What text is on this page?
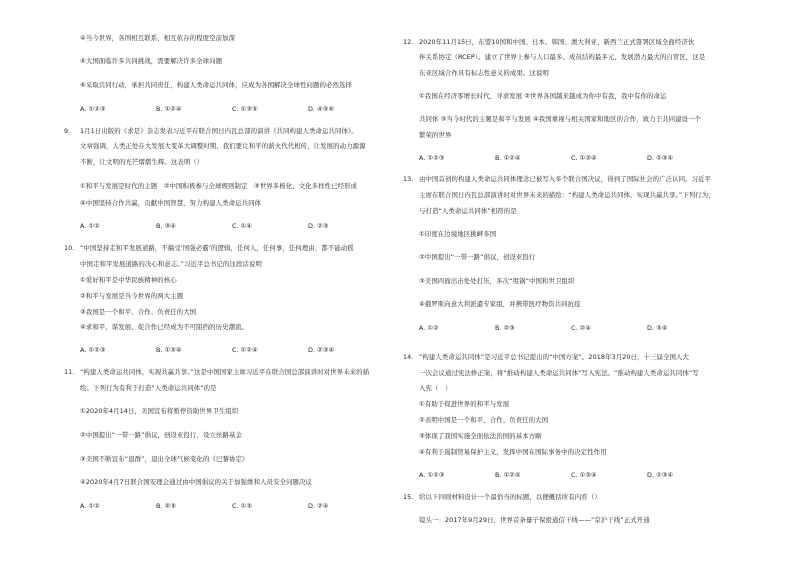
④当今世界，各国相互联系、相互依存的程度空前加深
⑤大国面临许多共同挑战，需要解决许多全球问题
⑥采取共同行动，承担共同责任，构建人类命运共同体，应成为各国解决全球性问题的必然选择
A. ①②③	B. ①②④	C. ①③⑤	D. ④⑤⑥
9. 1月1日出版的《求是》杂志发表习近平在联合国日内瓦总部的演讲《共同构建人类命运共同体》。
文章强调，人类正处在大发展大变革大调整时期，我们要让和平的薪火代代相传，让发展的动力源源
不断，让文明的光芒熠熠生辉。这表明（）
①和平与发展是时代的主题　②中国积极参与全球规则制定　③世界多极化、文化多样性已经形成
④中国坚持合作共赢，贡献中国智慧，努力构建人类命运共同体
A. ①②	B. ③④	C. ①④	D. ②③
10. “中国坚持走和平发展道路，不搞受‘国强必霸’的逻辑，任何人，任何事，任何理由，都不能动摇
中国走和平发展道路的决心和意志。”习近平总书记的这段话说明
①爱好和平是中华民族精神的核心
②和平与发展是当今世界的两大主题
③我国是一个和平、合作、负责任的大国
④求和平、谋发展、促合作已经成为不可阻挡的历史潮流。
A. ①②③	B. ①③④	C. ①②④	D. ②③④
11. “构建人类命运共同体，实现共赢共享。”这是中国国家主席习近平在联合国总部演讲时对世界未来的描
绘。下列行为有利于打造“人类命运共同体”的是
①2020年4月14日，美国宣布将暂停资助世界卫生组织
②中国提出“一带一路”倡议，创设亚投行，设立丝路基金
③美国不断宣布“退群”，退出全球气候变化的《巴黎协定》
④2020年4月7日联合国安理会通过由中国倡议的关于加强维和人员安全问题决议
A. ①②	B. ②③	C. ①③	D. ②④
12. 2020年11月15日，东盟10国和中国、日本、韩国、澳大利亚、新西兰正式签署区域全面经济伙
伴关系协定（RCEP）。建立了世界上参与人口最多、成员结构最多元、发展潜力最大的自贸区，这是
东亚区域合作具有标志性意义的成果。这说明
①我国在经济零增长时代，寻求发展 ②世界各国越来越成为你中有我，我中有你的命运
共同体 ③当今时代的主题是和平与发展 ④我国重视与相关国家和地区的合作，致力于共同建设一个
繁荣的世界
A. ①②③	B. ①②④	C. ①③④	D. ②③④
13. 由中国首创的构建人类命运共同体理念已被写入多个联合国决议，得到了国际社会的广泛认同。习近平
主席在联合国日内瓦总部演讲时对世界未来的描绘：“构建人类命运共同体，实现共赢共享。”下列行为，
与打造“人类命运共同体”相符的是
①印度在边境地区挑衅多国
②中国提出“一带一路”倡议，创设亚投行
③美国四面出击处处打压，多次“甩锅”中国和世卫组织
④俄罗斯向意大利派遣专家组，并携带医疗物资共同抗疫
A. ①②	B. ②③	C. ②④	D. ③④
14. “构建人类命运共同体”是习近平总书记提出的“中国方案”。2018年3月20日，十三届全国人大
一次会议通过宪法修正案，将“推动构建人类命运共同体”写入宪法。“推动构建人类命运共同体”写
入宪（　）
①有助于促进世界的和平与发展
②表明中国是一个和平、合作、负责任的大国
③体现了我国实施全面依法治国的基本方略
④有利于遏制贸易保护主义，发挥中国在国际事务中的决定性作用
A. ①②③	B. ①②④	C. ①③④	D. ②③④
15. 给以下四则材料设计一个最恰当的标题，以便概括所有内容（）
镜头一：2017年9月29日，世界首条量子保密通信干线——“京沪干线”正式开通
